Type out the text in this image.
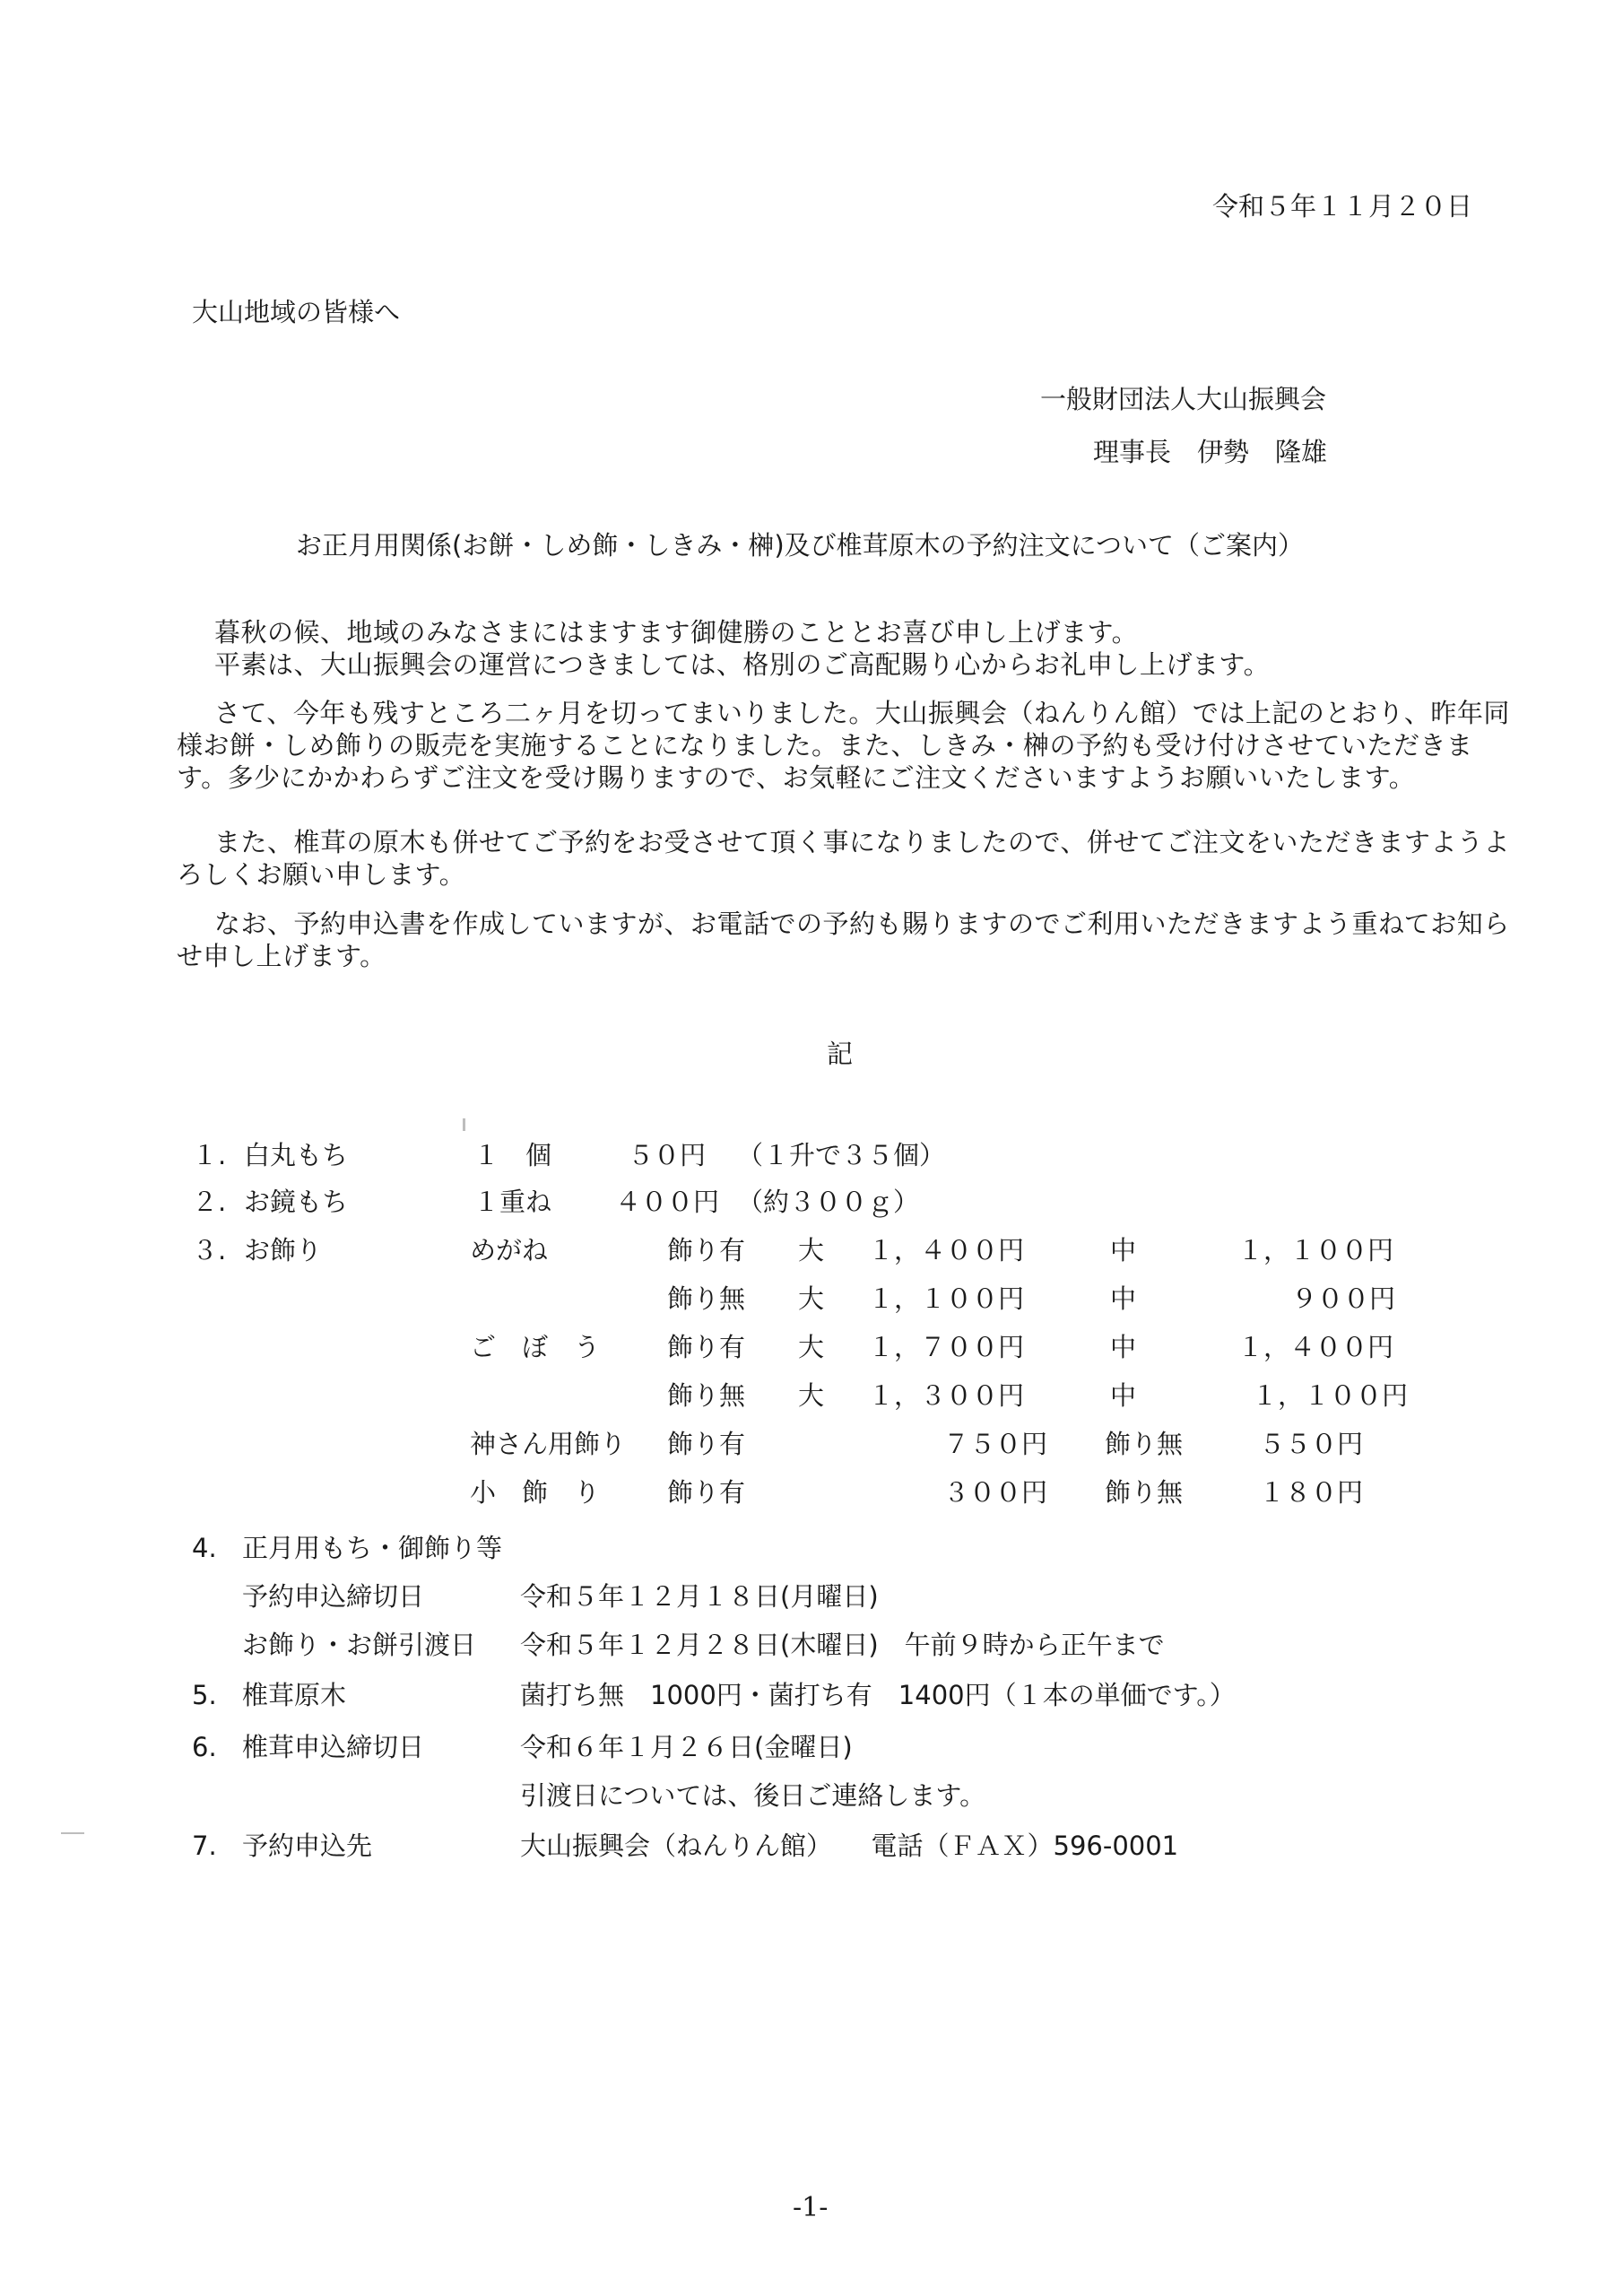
令和５年１１月２０日
大山地域の皆様へ
一般財団法人大山振興会
理事長　伊勢　隆雄
お正月用関係(お餅・しめ飾・しきみ・榊)及び椎茸原木の予約注文について（ご案内）
暮秋の候、地域のみなさまにはますます御健勝のこととお喜び申し上げます。
平素は、大山振興会の運営につきましては、格別のご高配賜り心からお礼申し上げます。
さて、今年も残すところ二ヶ月を切ってまいりました。大山振興会（ねんりん館）では上記のとおり、昨年同様お餅・しめ飾りの販売を実施することになりました。また、しきみ・榊の予約も受け付けさせていただきます。多少にかかわらずご注文を受け賜りますので、お気軽にご注文くださいますようお願いいたします。
また、椎茸の原木も併せてご予約をお受させて頂く事になりましたので、併せてご注文をいただきますようよろしくお願い申します。
なお、予約申込書を作成していますが、お電話での予約も賜りますのでご利用いただきますよう重ねてお知らせ申し上げます。
記
１. 白丸もち	１　個	５０円 （１升で３５個）
２. お鏡もち	１重ね ４００円 （約３００ｇ）
３. お飾り	めがね	飾り有 大 １，４００円	中	１，１００円
飾り無 大 １，１００円	中	９００円
ご　ぼ　う	飾り有 大 １，７００円	中	１，４００円
飾り無 大 １，３００円	中	１，１００円
神さん用飾り 飾り有	７５０円 飾り無	５５０円
小　飾　り	飾り有	３００円 飾り無	１８０円
4. 正月用もち・御飾り等
予約申込締切日	令和５年１２月１８日(月曜日)
お飾り・お餅引渡日 令和５年１２月２８日(木曜日)　午前９時から正午まで
5. 椎茸原木	菌打ち無　1000円・菌打ち有　1400円（１本の単価です。）
6. 椎茸申込締切日	令和６年１月２６日(金曜日)
引渡日については、後日ご連絡します。
7. 予約申込先	大山振興会（ねんりん館）　　電話（ＦＡＸ）596-0001
-1-
